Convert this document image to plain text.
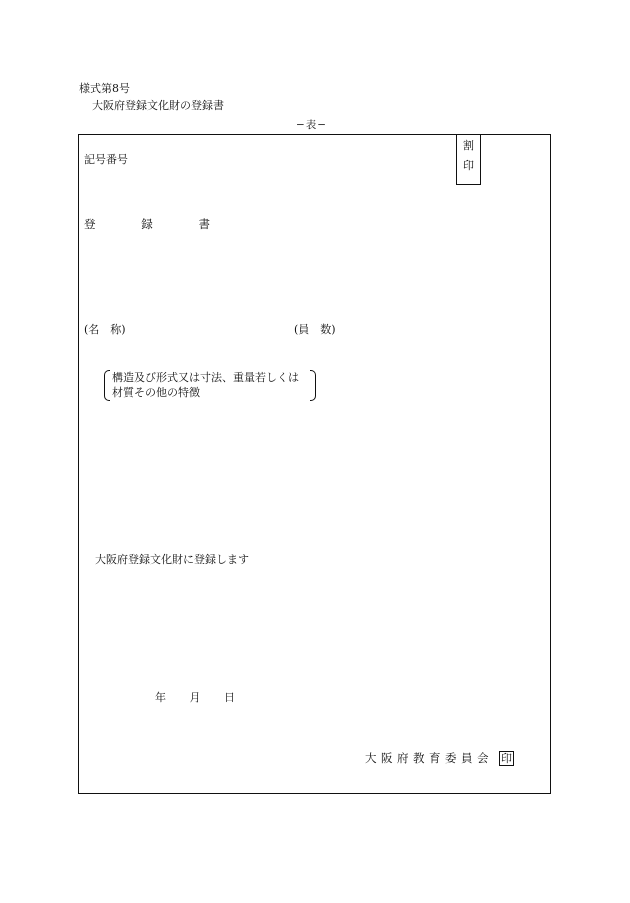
様式第8号
大阪府登録文化財の登録書
−表−
割
印
記号番号
登	録	書
(名　称)	(員　数)
構造及び形式又は寸法、重量若しくは
材質その他の特徴
大阪府登録文化財に登録します
年 月 日
大阪府教育委員会 印
